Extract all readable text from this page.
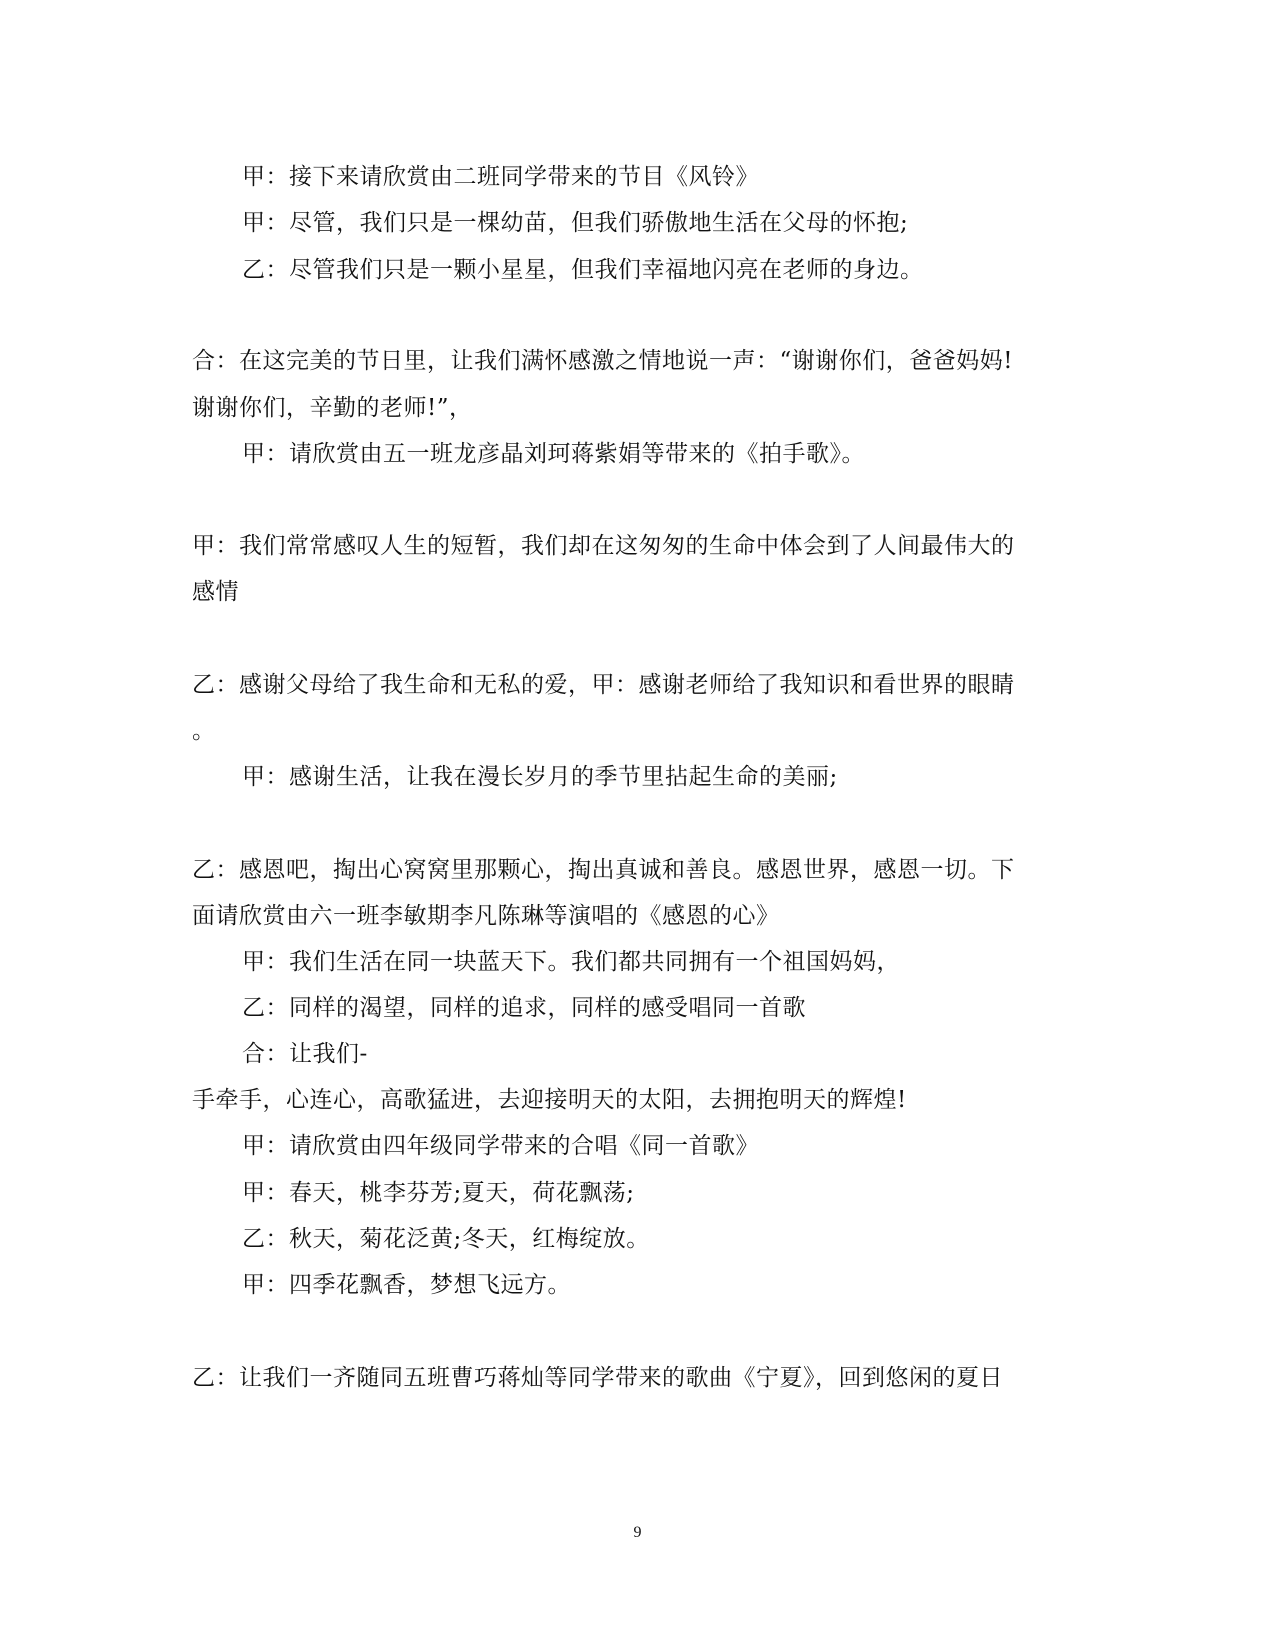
甲：接下来请欣赏由二班同学带来的节目《风铃》
甲：尽管，我们只是一棵幼苗，但我们骄傲地生活在父母的怀抱;
乙：尽管我们只是一颗小星星，但我们幸福地闪亮在老师的身边。
合：在这完美的节日里，让我们满怀感激之情地说一声：“谢谢你们，爸爸妈妈!
谢谢你们，辛勤的老师!”，
甲：请欣赏由五一班龙彦晶刘珂蒋紫娟等带来的《拍手歌》。
甲：我们常常感叹人生的短暂，我们却在这匆匆的生命中体会到了人间最伟大的
感情
乙：感谢父母给了我生命和无私的爱，甲：感谢老师给了我知识和看世界的眼睛
。
甲：感谢生活，让我在漫长岁月的季节里拈起生命的美丽;
乙：感恩吧，掏出心窝窝里那颗心，掏出真诚和善良。感恩世界，感恩一切。下
面请欣赏由六一班李敏期李凡陈琳等演唱的《感恩的心》
甲：我们生活在同一块蓝天下。我们都共同拥有一个祖国妈妈，
乙：同样的渴望，同样的追求，同样的感受唱同一首歌
合：让我们-
手牵手，心连心，高歌猛进，去迎接明天的太阳，去拥抱明天的辉煌!
甲：请欣赏由四年级同学带来的合唱《同一首歌》
甲：春天，桃李芬芳;夏天，荷花飘荡;
乙：秋天，菊花泛黄;冬天，红梅绽放。
甲：四季花飘香，梦想飞远方。
乙：让我们一齐随同五班曹巧蒋灿等同学带来的歌曲《宁夏》，回到悠闲的夏日
9
